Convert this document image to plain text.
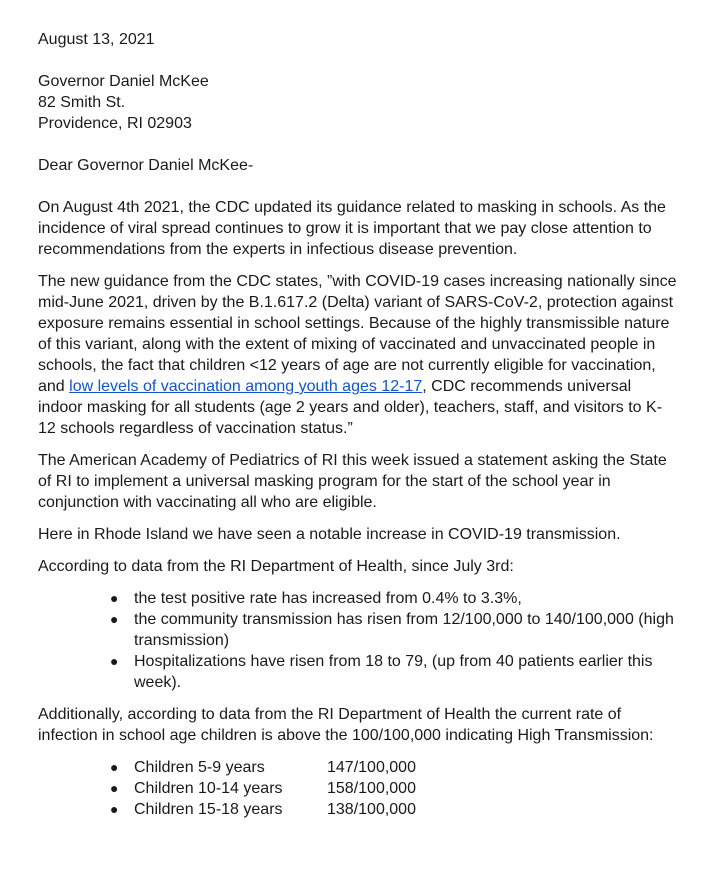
August 13, 2021

Governor Daniel McKee

82 Smith St.

Providence, RI 02903

Dear Governor Daniel McKee-

On August 4th 2021, the CDC updated its guidance related to masking in schools. As the incidence of viral spread continues to grow it is important that we pay close attention to recommendations from the experts in infectious disease prevention.

The new guidance from the CDC states, ”with COVID-19 cases increasing nationally since mid-June 2021, driven by the B.1.617.2 (Delta) variant of SARS-CoV-2, protection against exposure remains essential in school settings. Because of the highly transmissible nature of this variant, along with the extent of mixing of vaccinated and unvaccinated people in schools, the fact that children <12 years of age are not currently eligible for vaccination, and low levels of vaccination among youth ages 12-17, CDC recommends universal indoor masking for all students (age 2 years and older), teachers, staff, and visitors to K-12 schools regardless of vaccination status.”

The American Academy of Pediatrics of RI this week issued a statement asking the State of RI to implement a universal masking program for the start of the school year in conjunction with vaccinating all who are eligible.

Here in Rhode Island we have seen a notable increase in COVID-19 transmission.

According to data from the RI Department of Health, since July 3rd:

● the test positive rate has increased from 0.4% to 3.3%,
● the community transmission has risen from 12/100,000 to 140/100,000 (high transmission)
● Hospitalizations have risen from 18 to 79, (up from 40 patients earlier this week).

Additionally, according to data from the RI Department of Health the current rate of infection in school age children is above the 100/100,000 indicating High Transmission:

● Children 5-9 years	147/100,000
● Children 10-14 years	158/100,000
● Children 15-18 years	138/100,000
